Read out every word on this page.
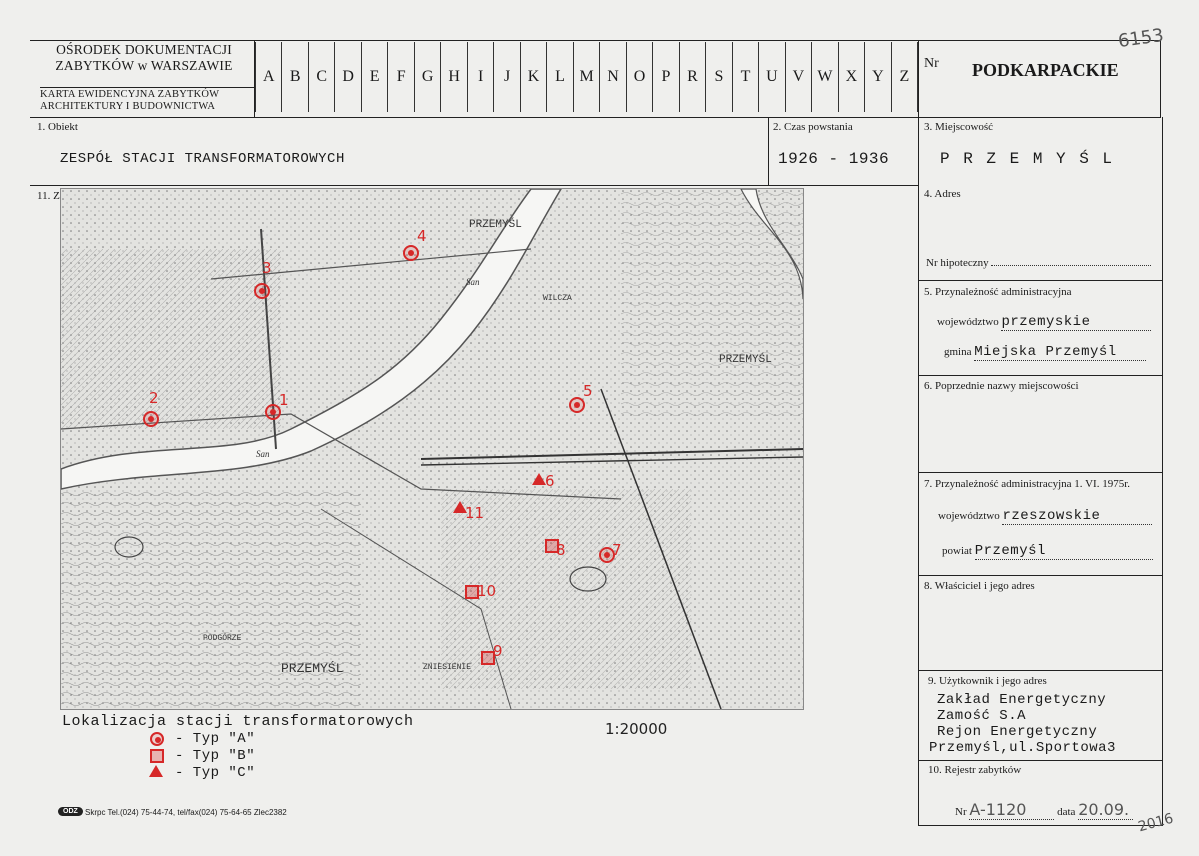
OŚRODEK DOKUMENTACJI
ZABYTKÓW w WARSZAWIE
KARTA EWIDENCYJNA ZABYTKÓW
ARCHITEKTURY I BUDOWNICTWA
A B C D E	F	G H	I	J	K L M N O	P	R	S	T U V W X Y Z
Nr PODKARPACKIE
6153
1. Obiekt
ZESPÓŁ STACJI TRANSFORMATOROWYCH
2. Czas powstania
1926 - 1936
3. Miejscowość
P R Z E M Y Ś L
4. Adres
Nr hipoteczny
5. Przynależność administracyjna
województwo przemyskie
gmina Miejska Przemyśl
6. Poprzednie nazwy miejscowości
7. Przynależność administracyjna 1. VI. 1975r.
województwo rzeszowskie
powiat Przemyśl
8. Właściciel i jego adres
9. Użytkownik i jego adres
Zakład Energetyczny
Zamość S.A
Rejon Energetyczny
Przemyśl,ul.Sportowa3
10. Rejestr zabytków
Nr A-1120	data 20.09.
2016
11. Z
PRZEMYŚL
WILCZA
PRZEMYŚL
PRZEMYŚL
PODGÓRZE
ZNIESIENIE
San
San
1
2
3
4
5
6
7
8
9
10
11
Lokalizacja stacji transformatorowych
- Typ "A"
- Typ "B"
- Typ "C"
1:20000
ODZ Skrpc Tel.(024) 75-44-74, tel/fax(024) 75-64-65 Zlec2382
